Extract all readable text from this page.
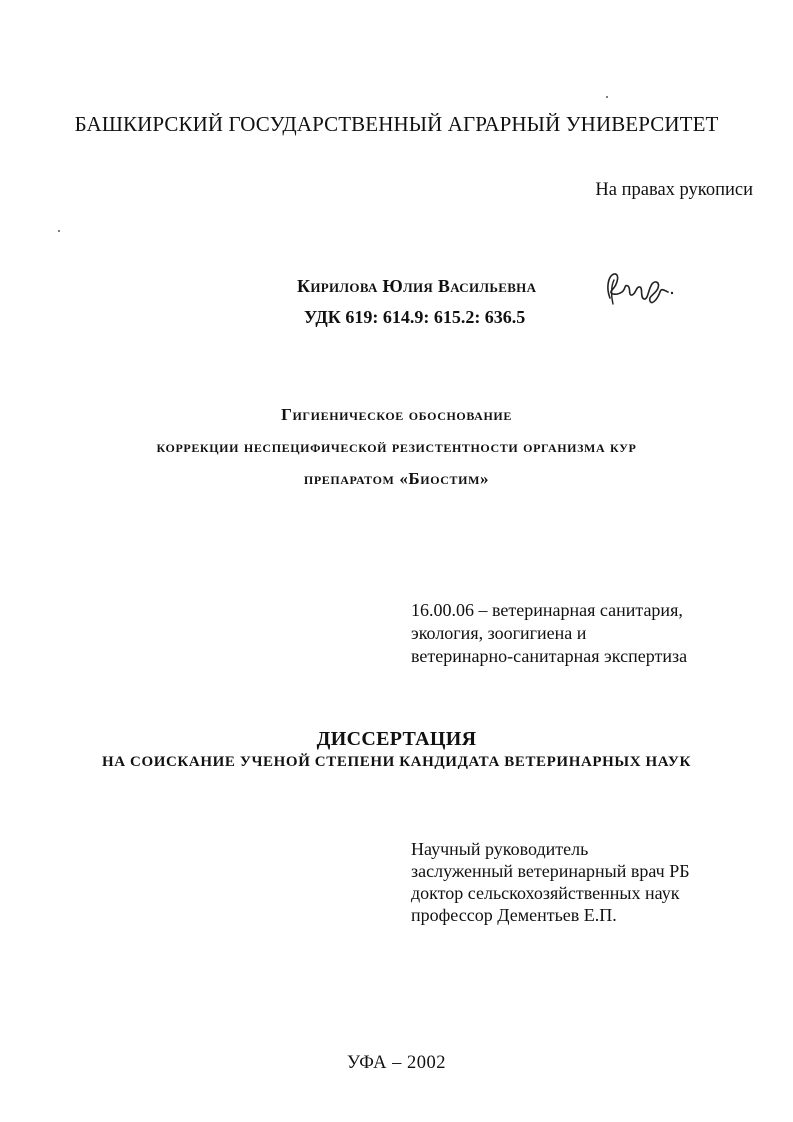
БАШКИРСКИЙ ГОСУДАРСТВЕННЫЙ АГРАРНЫЙ УНИВЕРСИТЕТ
На правах рукописи
Кирилова Юлия Васильевна
УДК 619: 614.9: 615.2: 636.5
Гигиеническое обоснование
коррекции неспецифической резистентности организма кур
препаратом «Биостим»
16.00.06 – ветеринарная санитария,
экология, зоогигиена и
ветеринарно-санитарная экспертиза
ДИССЕРТАЦИЯ
НА СОИСКАНИЕ УЧЕНОЙ СТЕПЕНИ КАНДИДАТА ВЕТЕРИНАРНЫХ НАУК
Научный руководитель
заслуженный ветеринарный врач РБ
доктор сельскохозяйственных наук
профессор Дементьев Е.П.
УФА – 2002
